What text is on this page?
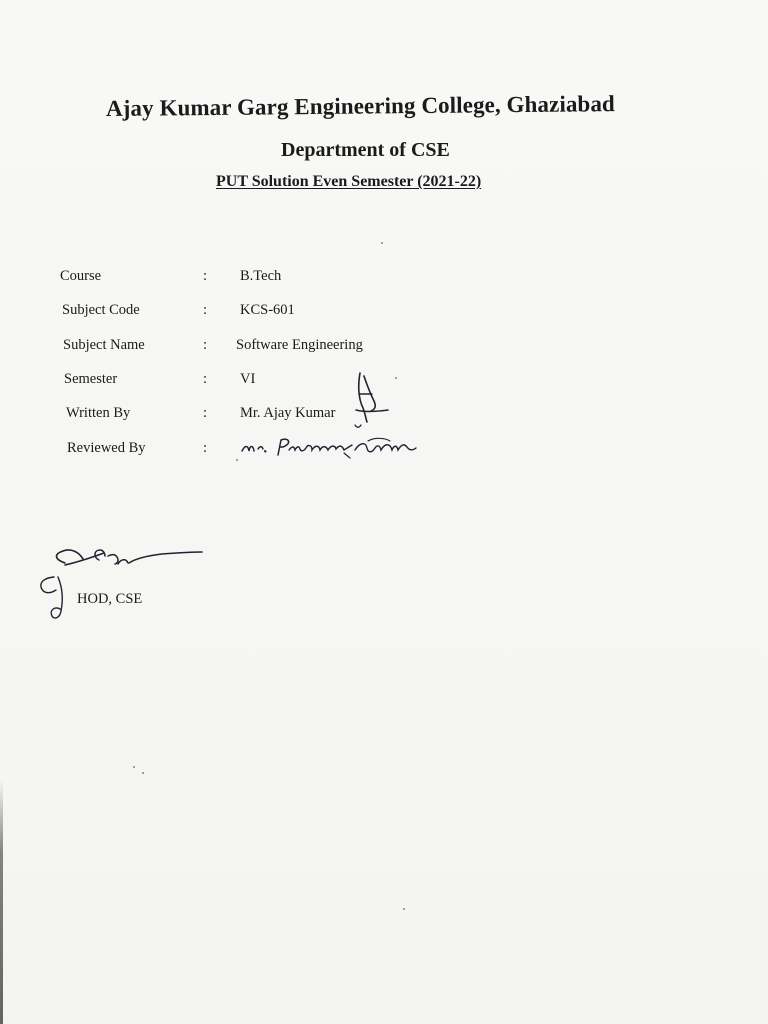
Ajay Kumar Garg Engineering College, Ghaziabad
Department of CSE
PUT Solution Even Semester (2021-22)
Course	: B.Tech
Subject Code	: KCS-601
Subject Name	: Software Engineering
Semester	: VI
Written By	: Mr. Ajay Kumar
Reviewed By	:
HOD, CSE
